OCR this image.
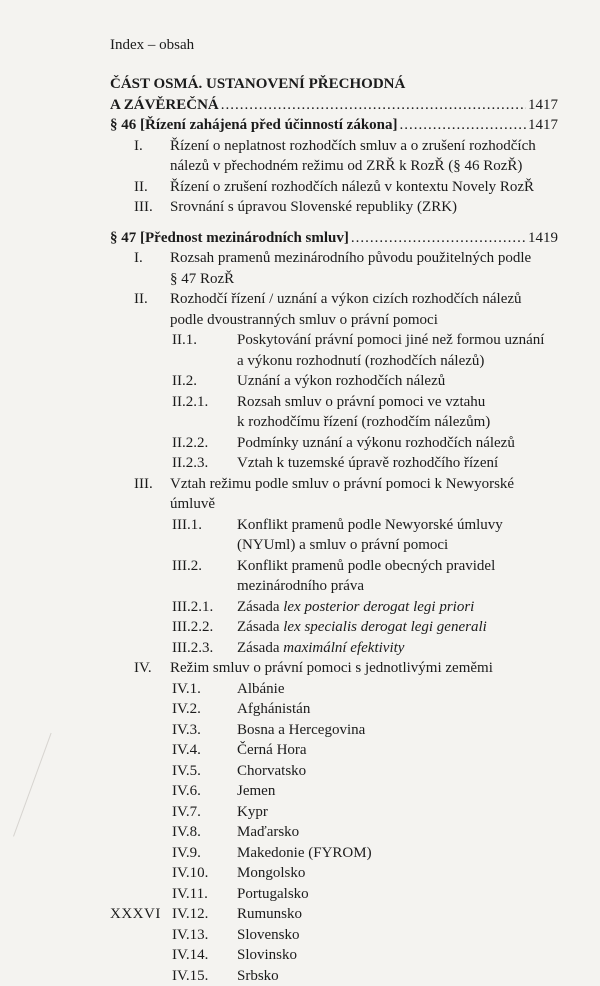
Index – obsah
ČÁST OSMÁ. USTANOVENÍ PŘECHODNÁ
A ZÁVĚREČNÁ .....	1417
§ 46 [Řízení zahájená před účinností zákona] .....	1417
I. Řízení o neplatnost rozhodčích smluv a o zrušení rozhodčích
nálezů v přechodném režimu od ZRŘ k RozŘ (§ 46 RozŘ)
II. Řízení o zrušení rozhodčích nálezů v kontextu Novely RozŘ
III. Srovnání s úpravou Slovenské republiky (ZRK)
§ 47 [Přednost mezinárodních smluv] .....	1419
I. Rozsah pramenů mezinárodního původu použitelných podle
§ 47 RozŘ
II. Rozhodčí řízení / uznání a výkon cizích rozhodčích nálezů
podle dvoustranných smluv o právní pomoci
II.1.	Poskytování právní pomoci jiné než formou uznání
a výkonu rozhodnutí (rozhodčích nálezů)
II.2.	Uznání a výkon rozhodčích nálezů
II.2.1. Rozsah smluv o právní pomoci ve vztahu
k rozhodčímu řízení (rozhodčím nálezům)
II.2.2. Podmínky uznání a výkonu rozhodčích nálezů
II.2.3. Vztah k tuzemské úpravě rozhodčího řízení
III. Vztah režimu podle smluv o právní pomoci k Newyorské
úmluvě
III.1. Konflikt pramenů podle Newyorské úmluvy
(NYUml) a smluv o právní pomoci
III.2. Konflikt pramenů podle obecných pravidel
mezinárodního práva
III.2.1. Zásada lex posterior derogat legi priori
III.2.2. Zásada lex specialis derogat legi generali
III.2.3. Zásada maximální efektivity
IV. Režim smluv o právní pomoci s jednotlivými zeměmi
IV.1. Albánie
IV.2. Afghánistán
IV.3. Bosna a Hercegovina
IV.4. Černá Hora
IV.5. Chorvatsko
IV.6. Jemen
IV.7. Kypr
IV.8. Maďarsko
IV.9. Makedonie (FYROM)
IV.10. Mongolsko
IV.11. Portugalsko
IV.12. Rumunsko
IV.13. Slovensko
IV.14. Slovinsko
IV.15. Srbsko
XXXVI
